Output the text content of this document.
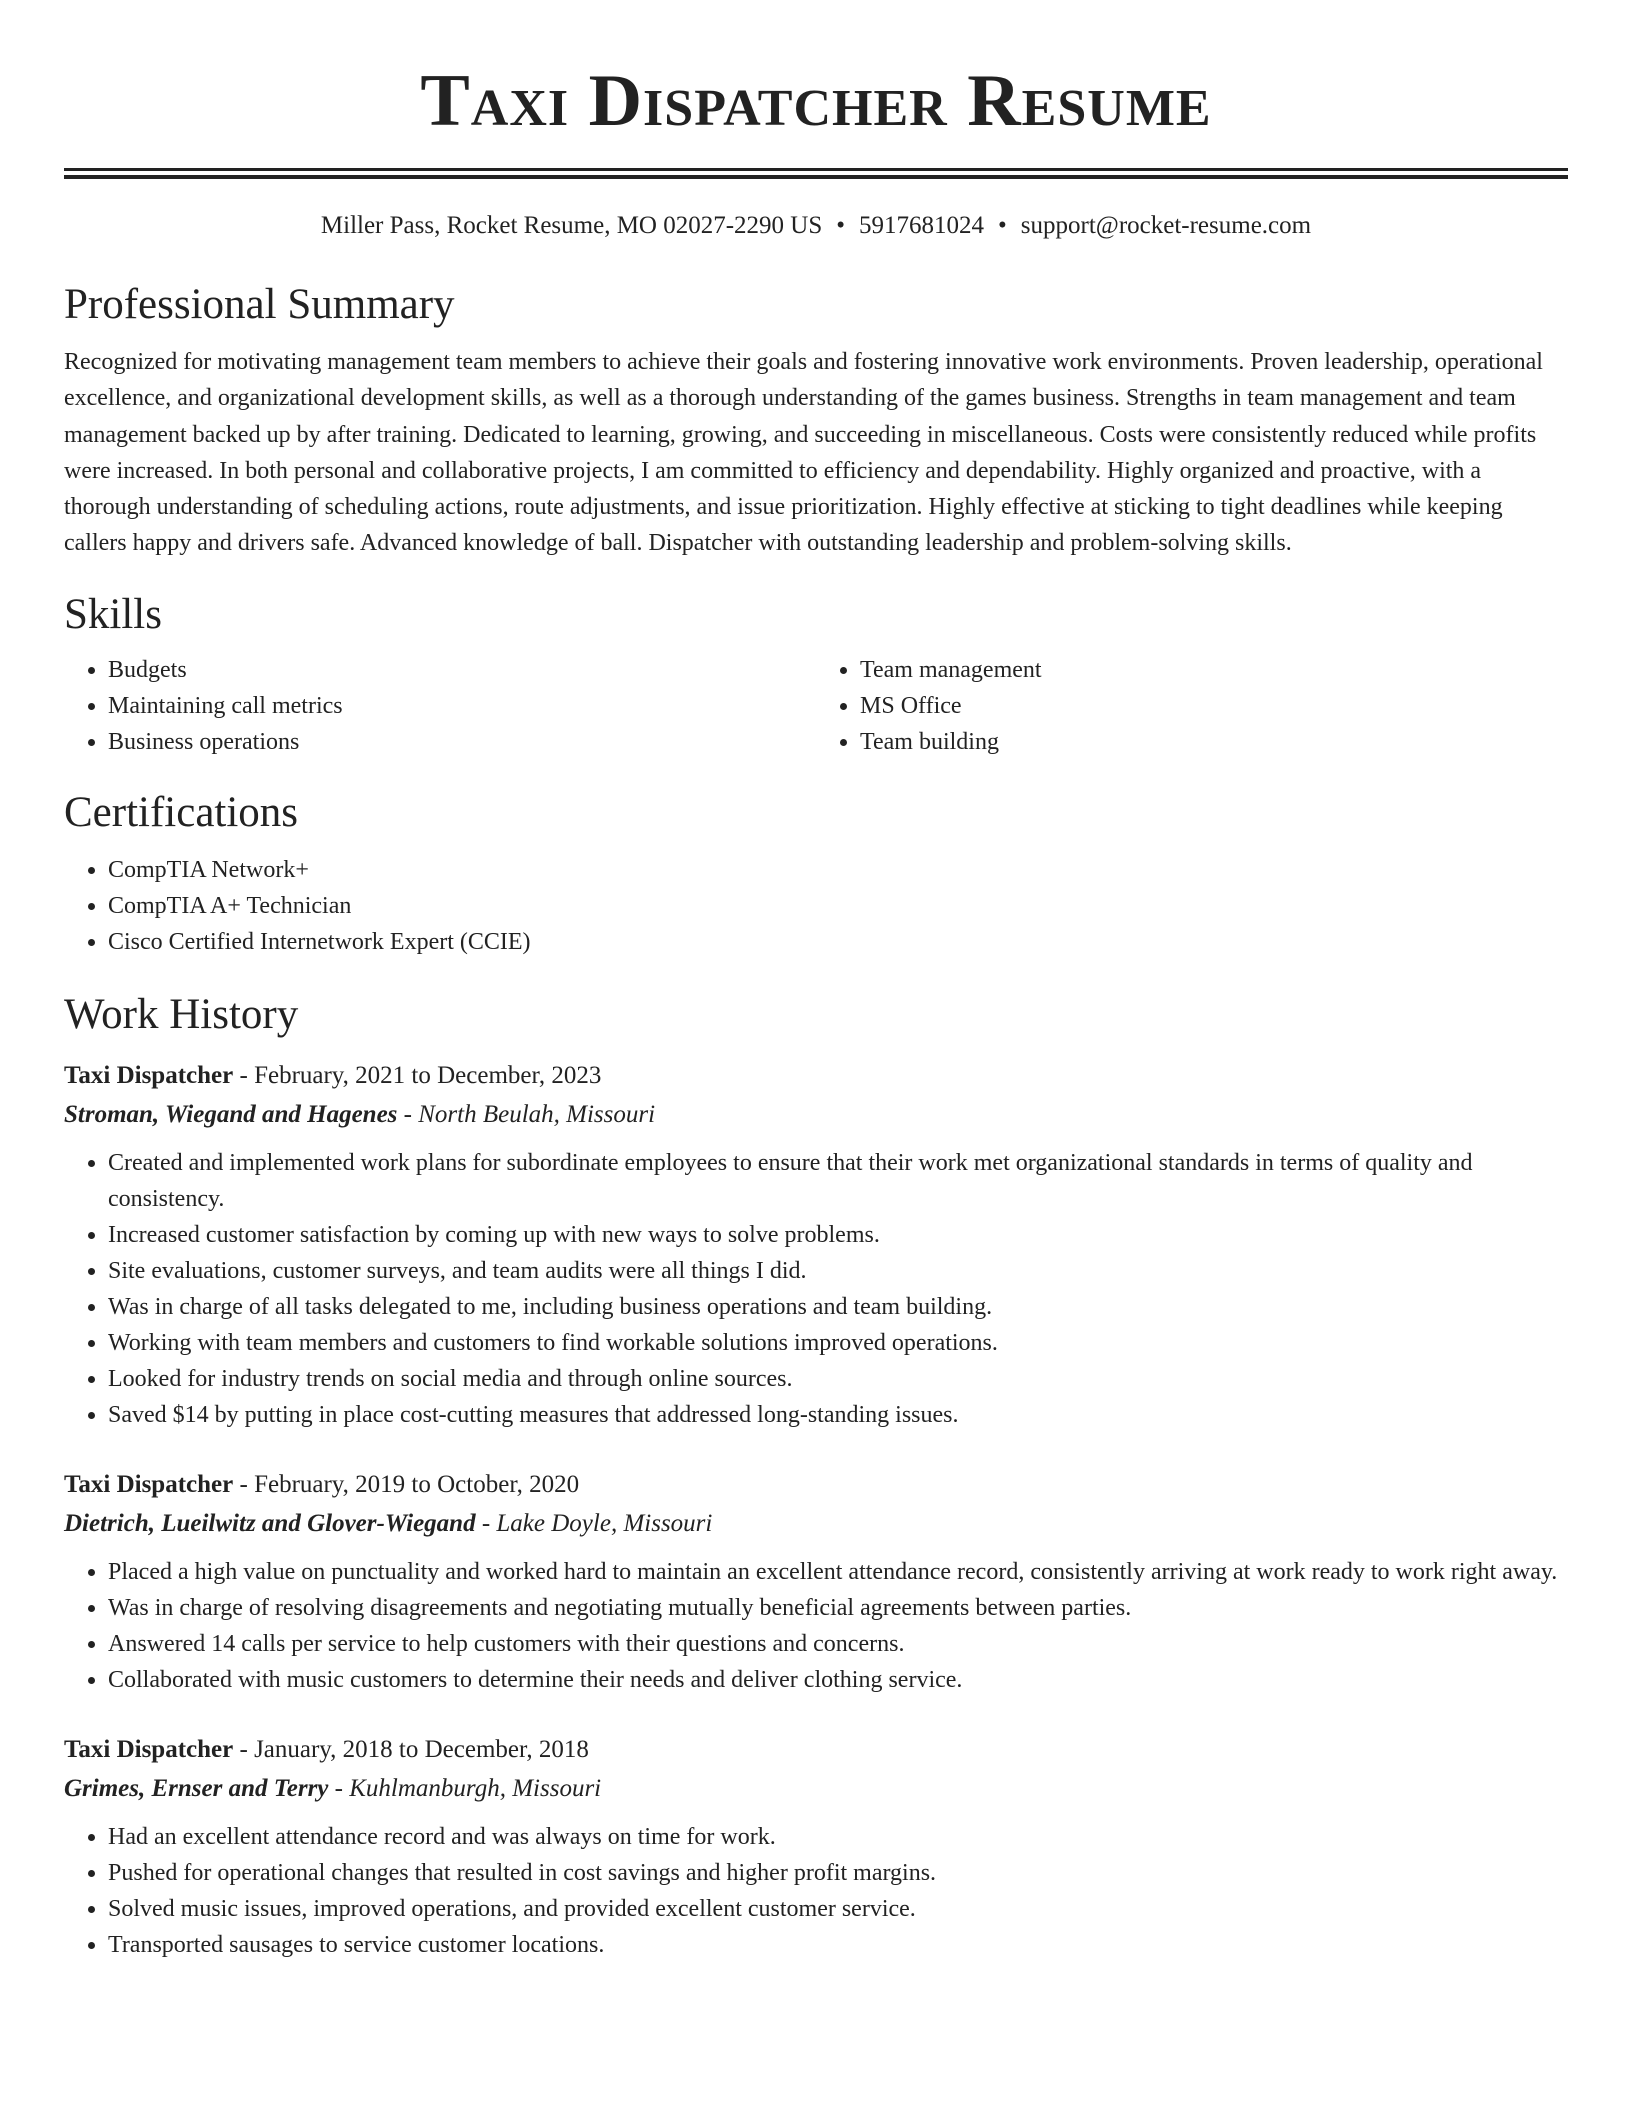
Taxi Dispatcher Resume
Miller Pass, Rocket Resume, MO 02027-2290 US • 5917681024 • support@rocket-resume.com
Professional Summary

Recognized for motivating management team members to achieve their goals and fostering innovative work environments. Proven leadership, operational excellence, and organizational development skills, as well as a thorough understanding of the games business. Strengths in team management and team management backed up by after training. Dedicated to learning, growing, and succeeding in miscellaneous. Costs were consistently reduced while profits were increased. In both personal and collaborative projects, I am committed to efficiency and dependability. Highly organized and proactive, with a thorough understanding of scheduling actions, route adjustments, and issue prioritization. Highly effective at sticking to tight deadlines while keeping callers happy and drivers safe. Advanced knowledge of ball. Dispatcher with outstanding leadership and problem-solving skills.

Skills
• Budgets
• Maintaining call metrics
• Business operations
• Team management
• MS Office
• Team building
Certifications
• CompTIA Network+
• CompTIA A+ Technician
• Cisco Certified Internetwork Expert (CCIE)
Work History
Taxi Dispatcher - February, 2021 to December, 2023
Stroman, Wiegand and Hagenes - North Beulah, Missouri
• Created and implemented work plans for subordinate employees to ensure that their work met organizational standards in terms of quality and consistency.
• Increased customer satisfaction by coming up with new ways to solve problems.
• Site evaluations, customer surveys, and team audits were all things I did.
• Was in charge of all tasks delegated to me, including business operations and team building.
• Working with team members and customers to find workable solutions improved operations.
• Looked for industry trends on social media and through online sources.
• Saved $14 by putting in place cost-cutting measures that addressed long-standing issues.
Taxi Dispatcher - February, 2019 to October, 2020
Dietrich, Lueilwitz and Glover-Wiegand - Lake Doyle, Missouri
• Placed a high value on punctuality and worked hard to maintain an excellent attendance record, consistently arriving at work ready to work right away.
• Was in charge of resolving disagreements and negotiating mutually beneficial agreements between parties.
• Answered 14 calls per service to help customers with their questions and concerns.
• Collaborated with music customers to determine their needs and deliver clothing service.
Taxi Dispatcher - January, 2018 to December, 2018
Grimes, Ernser and Terry - Kuhlmanburgh, Missouri
• Had an excellent attendance record and was always on time for work.
• Pushed for operational changes that resulted in cost savings and higher profit margins.
• Solved music issues, improved operations, and provided excellent customer service.
• Transported sausages to service customer locations.
